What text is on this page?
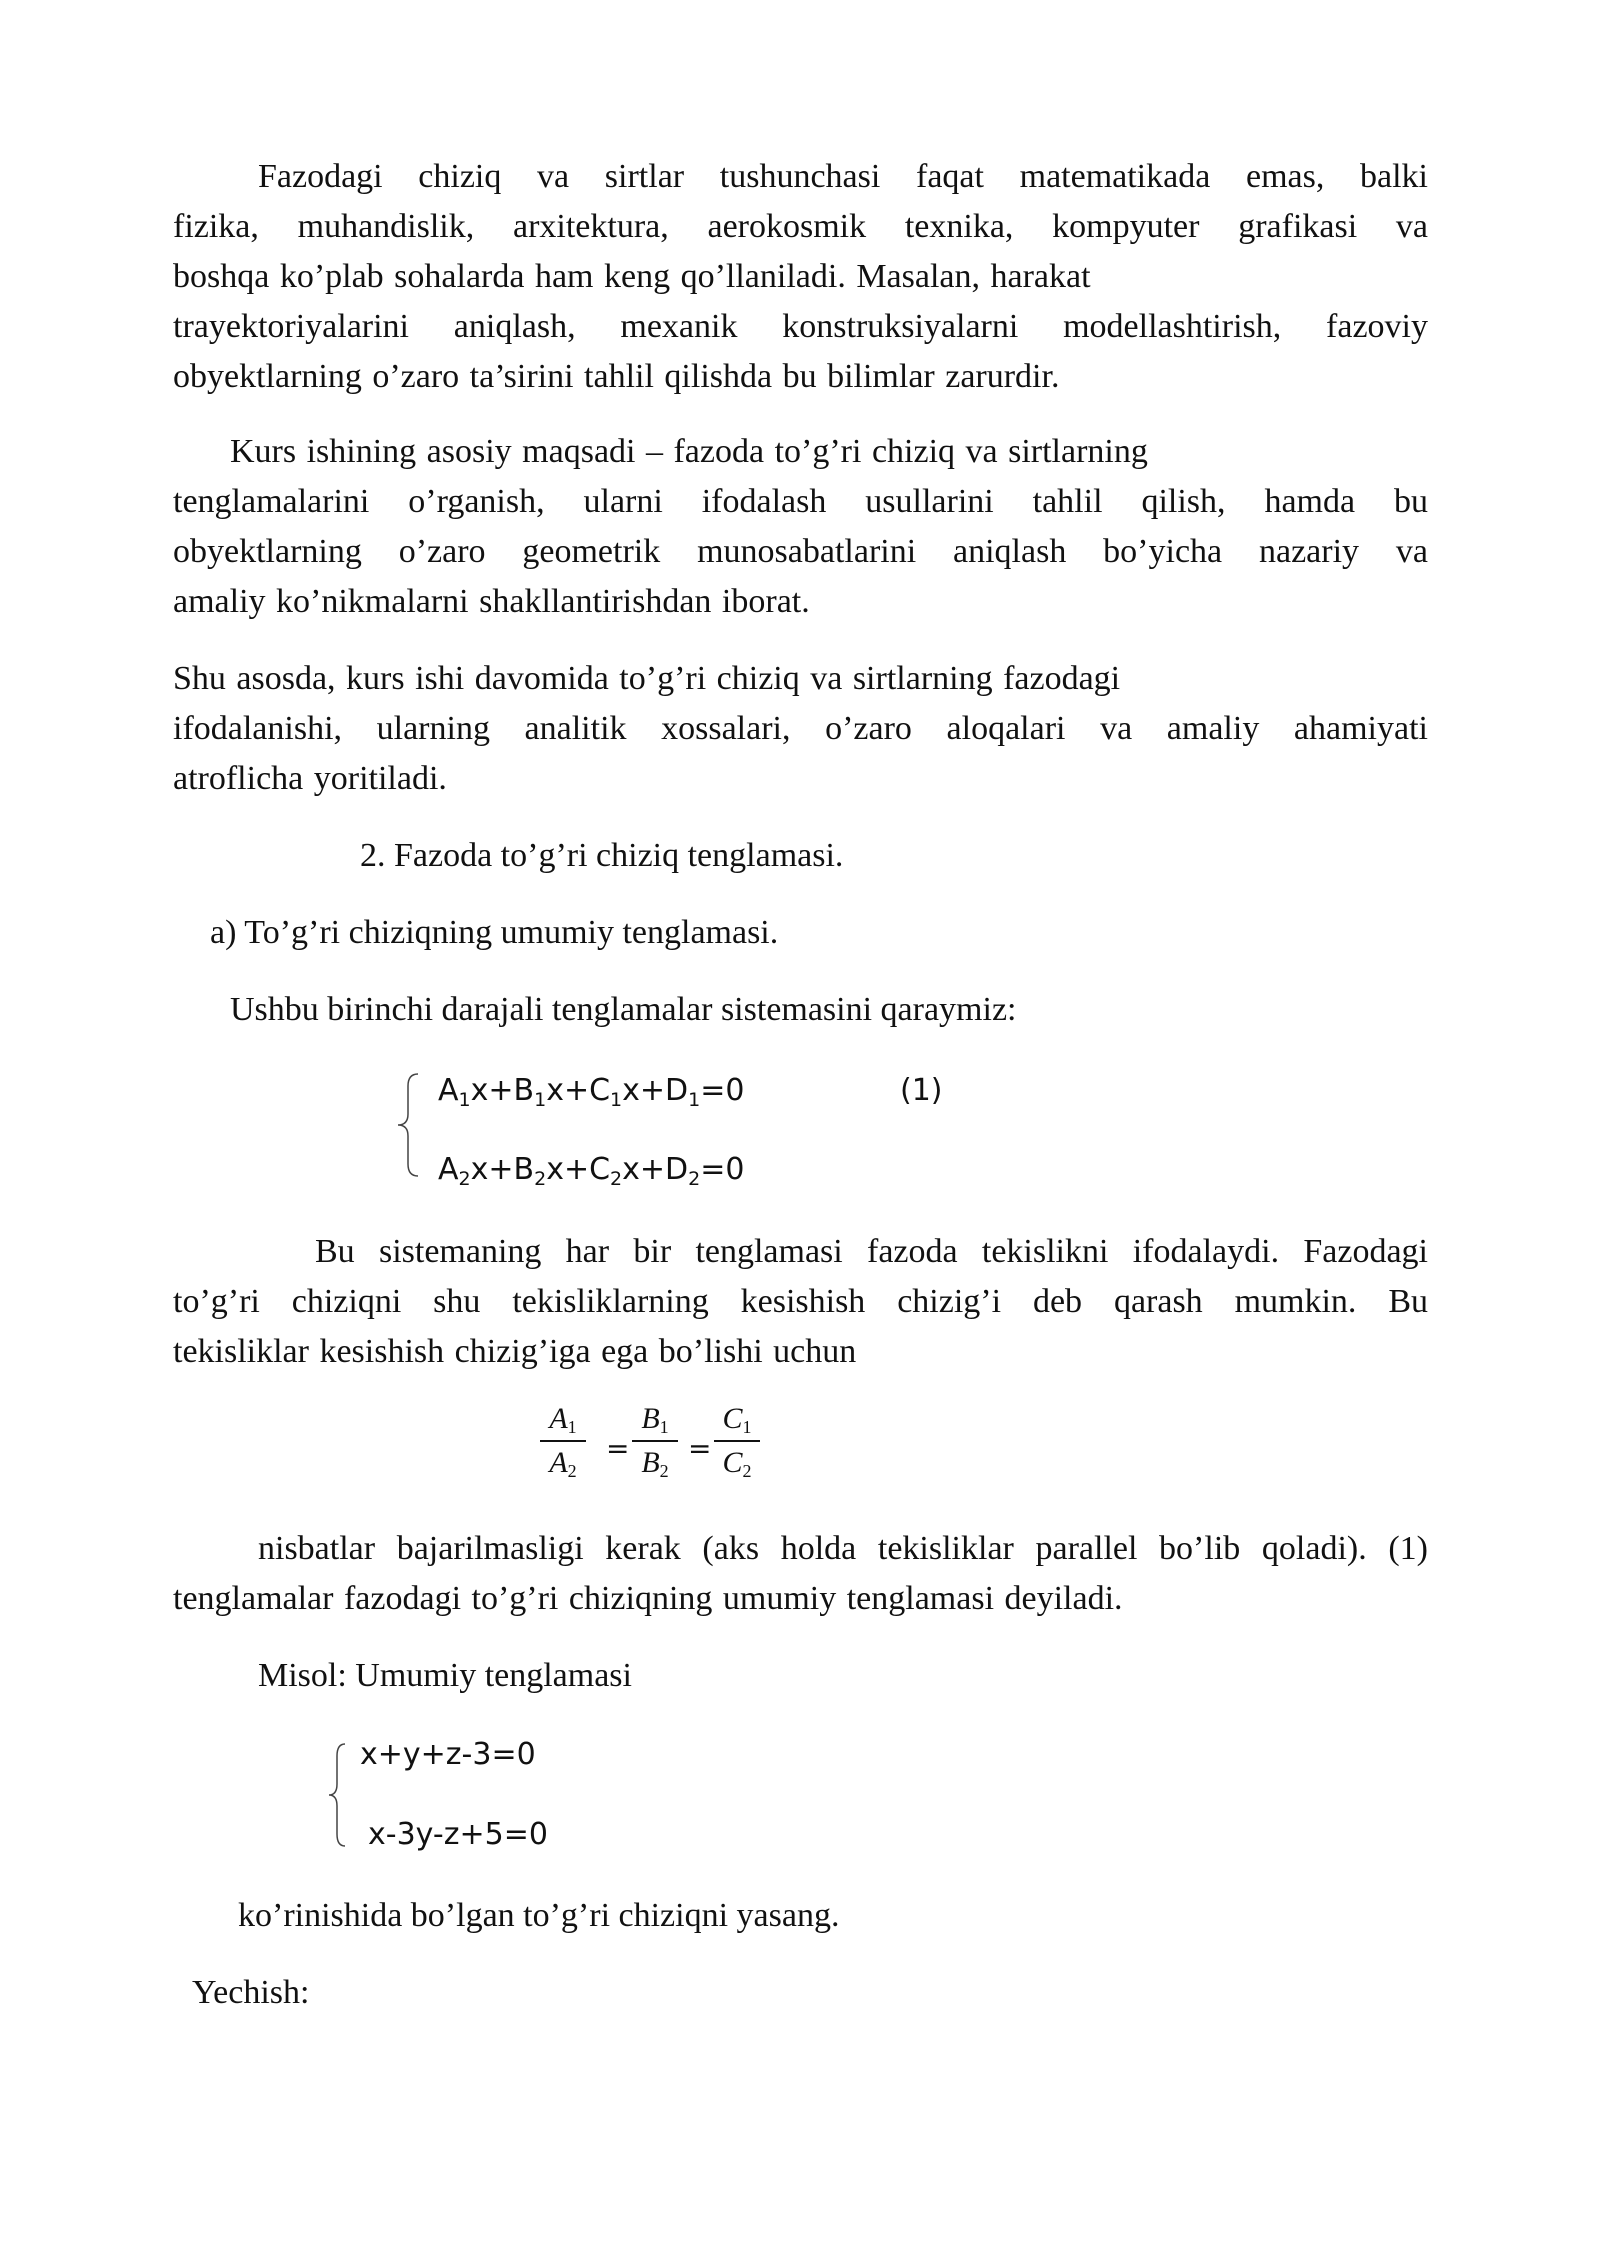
Fazodagi chiziq va sirtlar tushunchasi faqat matematikada emas, balki
fizika, muhandislik, arxitektura, aerokosmik texnika, kompyuter grafikasi va
boshqa ko’plab sohalarda ham keng qo’llaniladi. Masalan, harakat
trayektoriyalarini aniqlash, mexanik konstruksiyalarni modellashtirish, fazoviy
obyektlarning o’zaro ta’sirini tahlil qilishda bu bilimlar zarurdir.
Kurs ishining asosiy maqsadi – fazoda to’g’ri chiziq va sirtlarning
tenglamalarini o’rganish, ularni ifodalash usullarini tahlil qilish, hamda bu
obyektlarning o’zaro geometrik munosabatlarini aniqlash bo’yicha nazariy va
amaliy ko’nikmalarni shakllantirishdan iborat.
Shu asosda, kurs ishi davomida to’g’ri chiziq va sirtlarning fazodagi
ifodalanishi, ularning analitik xossalari, o’zaro aloqalari va amaliy ahamiyati
atroflicha yoritiladi.

2. Fazoda to’g’ri chiziq tenglamasi.

a) To’g’ri chiziqning umumiy tenglamasi.

Ushbu birinchi darajali tenglamalar sistemasini qaraymiz:

$A_1x+B_1x+C_1x+D_1=0$	(1)
$A_2x+B_2x+C_2x+D_2=0$
Bu sistemaning har bir tenglamasi fazoda tekislikni ifodalaydi. Fazodagi
to’g’ri chiziqni shu tekisliklarning kesishish chizig’i deb qarash mumkin. Bu
tekisliklar kesishish chizig’iga ega bo’lishi uchun
$A_1$
$A_2$
=
$B_1$
$B_2$
=
$C_1$
$C_2$
nisbatlar bajarilmasligi kerak (aks holda tekisliklar parallel bo’lib qoladi). (1)
tenglamalar fazodagi to’g’ri chiziqning umumiy tenglamasi deyiladi.

Misol: Umumiy tenglamasi

x+y+z-3=0
x-3y-z+5=0

ko’rinishida bo’lgan to’g’ri chiziqni yasang.

Yechish:
